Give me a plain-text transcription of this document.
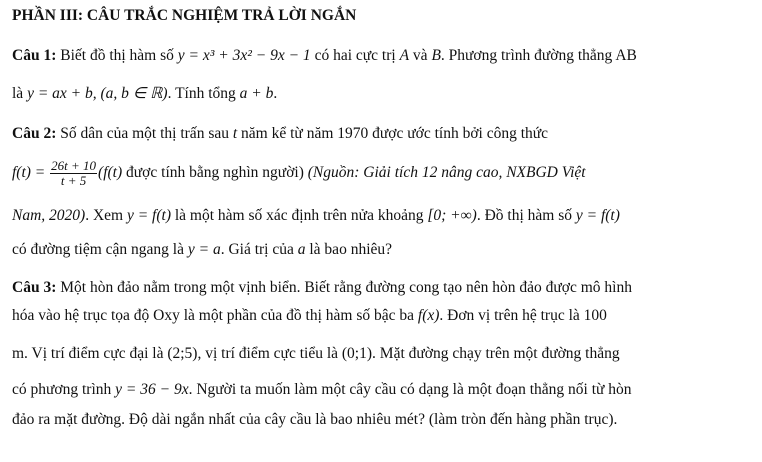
PHẦN III: CÂU TRẮC NGHIỆM TRẢ LỜI NGẮN
Câu 1: Biết đồ thị hàm số y = x³ + 3x² − 9x − 1 có hai cực trị A và B. Phương trình đường thẳng AB
là y = ax + b, (a, b ∈ ℝ). Tính tổng a + b.
Câu 2: Số dân của một thị trấn sau t năm kể từ năm 1970 được ước tính bởi công thức
$f(t) = \frac{26t + 10}{t + 5} (f(t)$ được tính bằng nghìn người) (Nguồn: Giải tích 12 nâng cao, NXBGD Việt
Nam, 2020). Xem y = f(t) là một hàm số xác định trên nửa khoảng [0; +∞). Đồ thị hàm số y = f(t)
có đường tiệm cận ngang là y = a. Giá trị của a là bao nhiêu?
Câu 3: Một hòn đảo nằm trong một vịnh biển. Biết rằng đường cong tạo nên hòn đảo được mô hình
hóa vào hệ trục tọa độ Oxy là một phần của đồ thị hàm số bậc ba f(x). Đơn vị trên hệ trục là 100
m. Vị trí điểm cực đại là (2;5), vị trí điểm cực tiểu là (0;1). Mặt đường chạy trên một đường thẳng
có phương trình y = 36 − 9x. Người ta muốn làm một cây cầu có dạng là một đoạn thẳng nối từ hòn
đảo ra mặt đường. Độ dài ngắn nhất của cây cầu là bao nhiêu mét? (làm tròn đến hàng phần trục).
